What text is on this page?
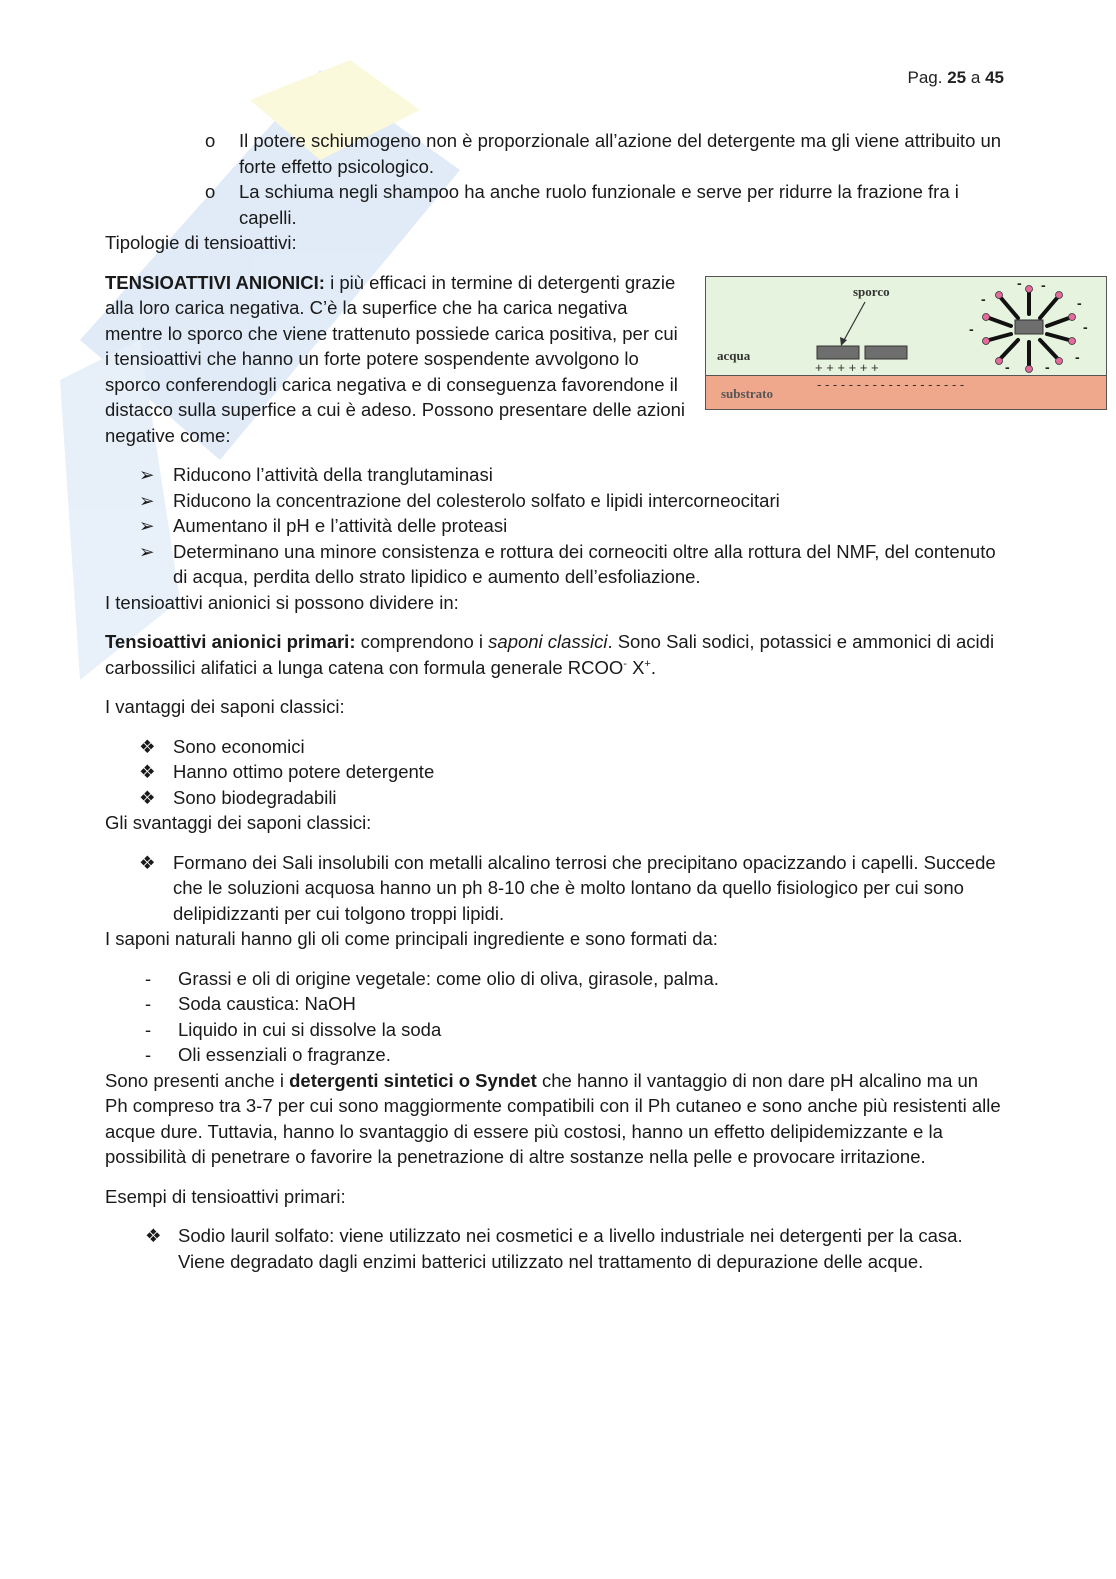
Pag. 25 a 45
o Il potere schiumogeno non è proporzionale all’azione del detergente ma gli viene attribuito un forte effetto psicologico.
o La schiuma negli shampoo ha anche ruolo funzionale e serve per ridurre la frazione fra i capelli.

Tipologie di tensioattivi:

TENSIOATTIVI ANIONICI: i più efficaci in termine di detergenti grazie alla loro carica negativa. C’è la superfice che ha carica negativa mentre lo sporco che viene trattenuto possiede carica positiva, per cui i tensioattivi che hanno un forte potere sospendente avvolgono lo sporco conferendogli carica negativa e di conseguenza favorendone il distacco sulla superfice a cui è adeso. Possono presentare delle azioni negative come:

sporco
acqua
substrato
+ + + + + +
- - - - - - - - - - - - - - - - - - -
- -
-
-
-
-
-
-
-
➢ Riducono l’attività della tranglutaminasi
➢ Riducono la concentrazione del colesterolo solfato e lipidi intercorneocitari
➢ Aumentano il pH e l’attività delle proteasi
➢ Determinano una minore consistenza e rottura dei corneociti oltre alla rottura del NMF, del contenuto di acqua, perdita dello strato lipidico e aumento dell’esfoliazione.

I tensioattivi anionici si possono dividere in:

Tensioattivi anionici primari: comprendono i saponi classici. Sono Sali sodici, potassici e ammonici di acidi carbossilici alifatici a lunga catena con formula generale RCOO- X+.

I vantaggi dei saponi classici:

❖ Sono economici
❖ Hanno ottimo potere detergente
❖ Sono biodegradabili

Gli svantaggi dei saponi classici:

❖ Formano dei Sali insolubili con metalli alcalino terrosi che precipitano opacizzando i capelli. Succede che le soluzioni acquosa hanno un ph 8-10 che è molto lontano da quello fisiologico per cui sono delipidizzanti per cui tolgono troppi lipidi.

I saponi naturali hanno gli oli come principali ingrediente e sono formati da:

- Grassi e oli di origine vegetale: come olio di oliva, girasole, palma.
- Soda caustica: NaOH
- Liquido in cui si dissolve la soda
- Oli essenziali o fragranze.

Sono presenti anche i detergenti sintetici o Syndet che hanno il vantaggio di non dare pH alcalino ma un Ph compreso tra 3-7 per cui sono maggiormente compatibili con il Ph cutaneo e sono anche più resistenti alle acque dure. Tuttavia, hanno lo svantaggio di essere più costosi, hanno un effetto delipidemizzante e la possibilità di penetrare o favorire la penetrazione di altre sostanze nella pelle e provocare irritazione.

Esempi di tensioattivi primari:

❖ Sodio lauril solfato: viene utilizzato nei cosmetici e a livello industriale nei detergenti per la casa. Viene degradato dagli enzimi batterici utilizzato nel trattamento di depurazione delle acque.
